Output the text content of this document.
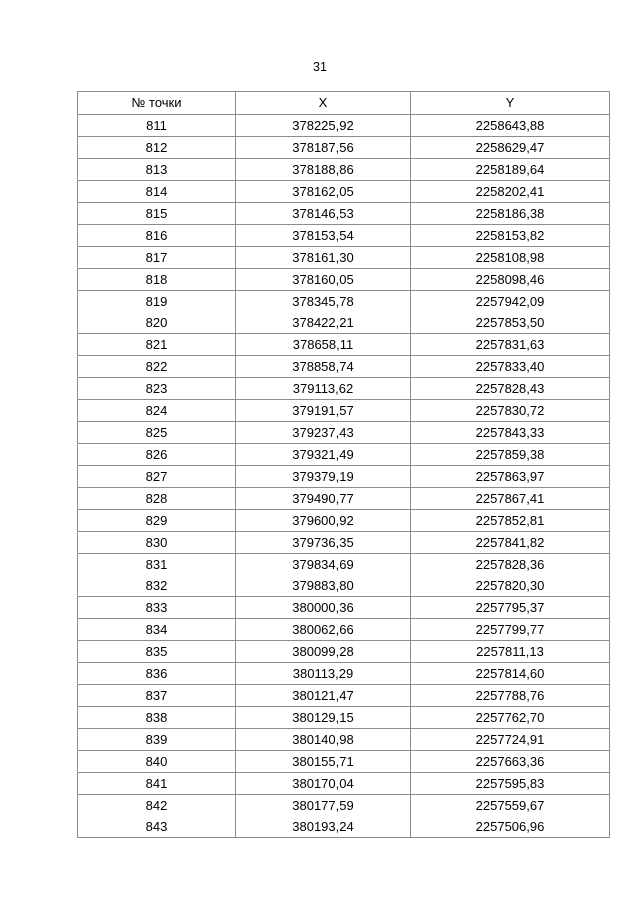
31
№ точки	X	Y
811	378225,92	2258643,88
812	378187,56	2258629,47
813	378188,86	2258189,64
814	378162,05	2258202,41
815	378146,53	2258186,38
816	378153,54	2258153,82
817	378161,30	2258108,98
818	378160,05	2258098,46
819	378345,78	2257942,09
820	378422,21	2257853,50
821	378658,11	2257831,63
822	378858,74	2257833,40
823	379113,62	2257828,43
824	379191,57	2257830,72
825	379237,43	2257843,33
826	379321,49	2257859,38
827	379379,19	2257863,97
828	379490,77	2257867,41
829	379600,92	2257852,81
830	379736,35	2257841,82
831	379834,69	2257828,36
832	379883,80	2257820,30
833	380000,36	2257795,37
834	380062,66	2257799,77
835	380099,28	2257811,13
836	380113,29	2257814,60
837	380121,47	2257788,76
838	380129,15	2257762,70
839	380140,98	2257724,91
840	380155,71	2257663,36
841	380170,04	2257595,83
842	380177,59	2257559,67
843	380193,24	2257506,96
